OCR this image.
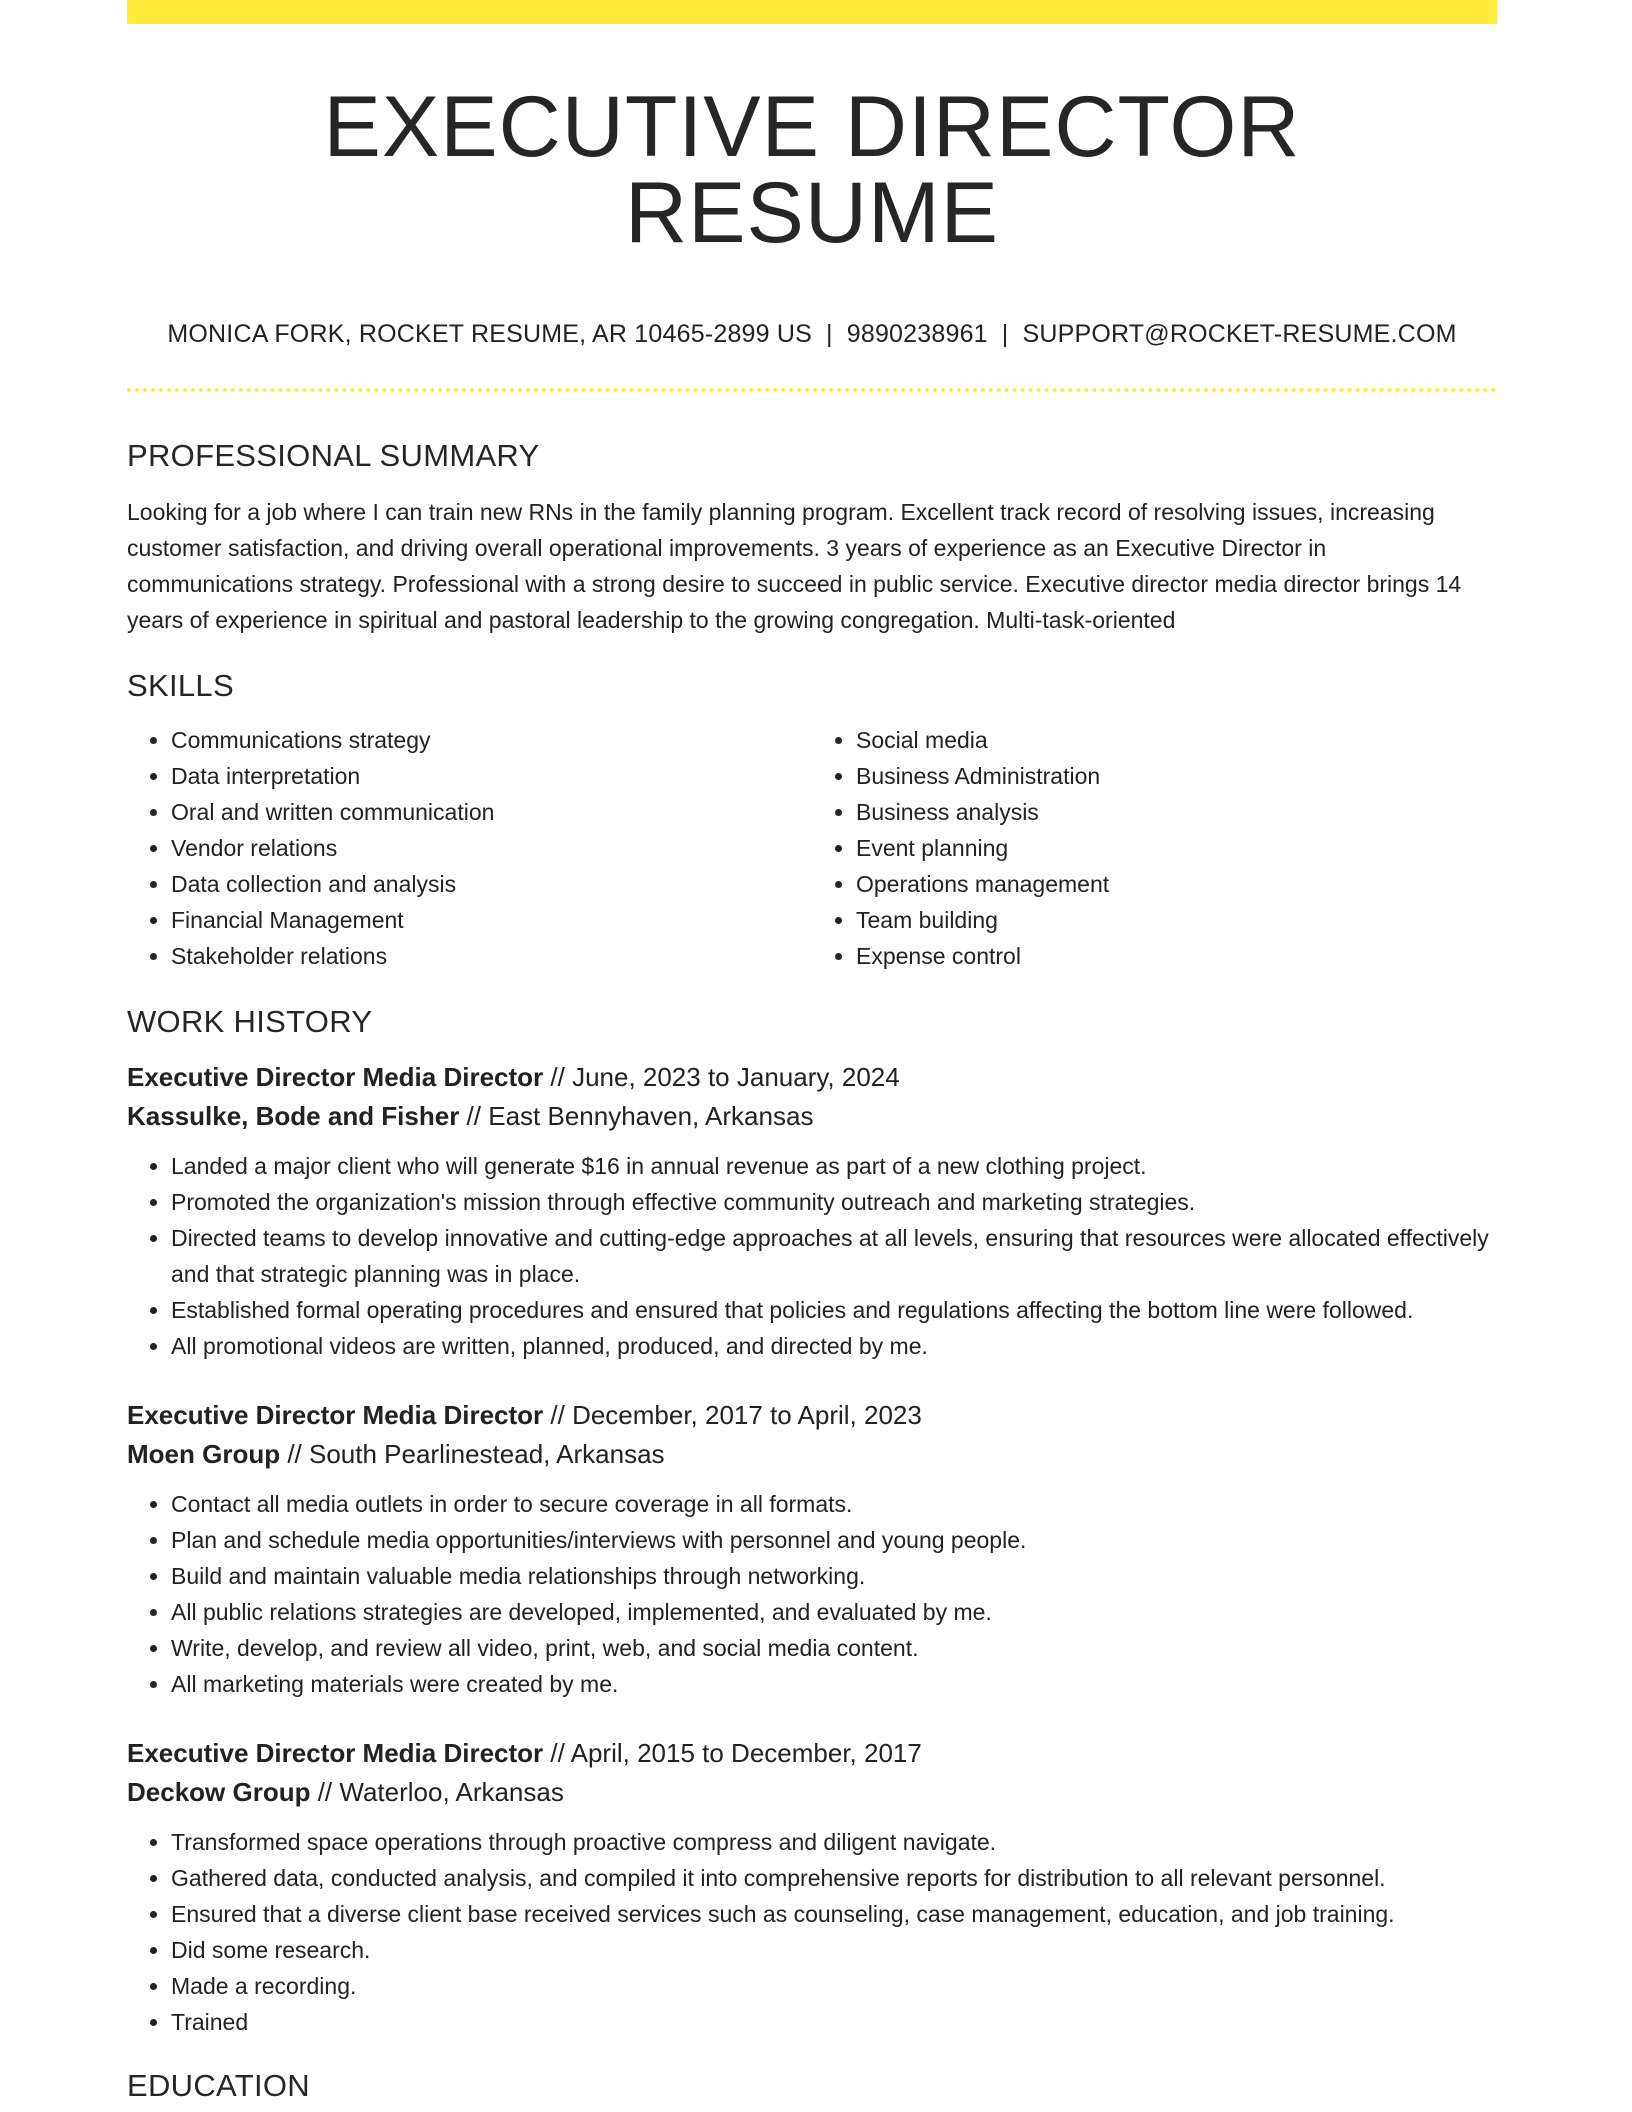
EXECUTIVE DIRECTOR RESUME
MONICA FORK, ROCKET RESUME, AR 10465-2899 US | 9890238961 | SUPPORT@ROCKET-RESUME.COM
PROFESSIONAL SUMMARY
Looking for a job where I can train new RNs in the family planning program. Excellent track record of resolving issues, increasing customer satisfaction, and driving overall operational improvements. 3 years of experience as an Executive Director in communications strategy. Professional with a strong desire to succeed in public service. Executive director media director brings 14 years of experience in spiritual and pastoral leadership to the growing congregation. Multi-task-oriented
SKILLS
• Communications strategy
• Data interpretation
• Oral and written communication
• Vendor relations
• Data collection and analysis
• Financial Management
• Stakeholder relations
• Social media
• Business Administration
• Business analysis
• Event planning
• Operations management
• Team building
• Expense control
WORK HISTORY
Executive Director Media Director // June, 2023 to January, 2024
Kassulke, Bode and Fisher // East Bennyhaven, Arkansas
• Landed a major client who will generate $16 in annual revenue as part of a new clothing project.
• Promoted the organization's mission through effective community outreach and marketing strategies.
• Directed teams to develop innovative and cutting-edge approaches at all levels, ensuring that resources were allocated effectively and that strategic planning was in place.
• Established formal operating procedures and ensured that policies and regulations affecting the bottom line were followed.
• All promotional videos are written, planned, produced, and directed by me.
Executive Director Media Director // December, 2017 to April, 2023
Moen Group // South Pearlinestead, Arkansas
• Contact all media outlets in order to secure coverage in all formats.
• Plan and schedule media opportunities/interviews with personnel and young people.
• Build and maintain valuable media relationships through networking.
• All public relations strategies are developed, implemented, and evaluated by me.
• Write, develop, and review all video, print, web, and social media content.
• All marketing materials were created by me.
Executive Director Media Director // April, 2015 to December, 2017
Deckow Group // Waterloo, Arkansas
• Transformed space operations through proactive compress and diligent navigate.
• Gathered data, conducted analysis, and compiled it into comprehensive reports for distribution to all relevant personnel.
• Ensured that a diverse client base received services such as counseling, case management, education, and job training.
• Did some research.
• Made a recording.
• Trained
EDUCATION
